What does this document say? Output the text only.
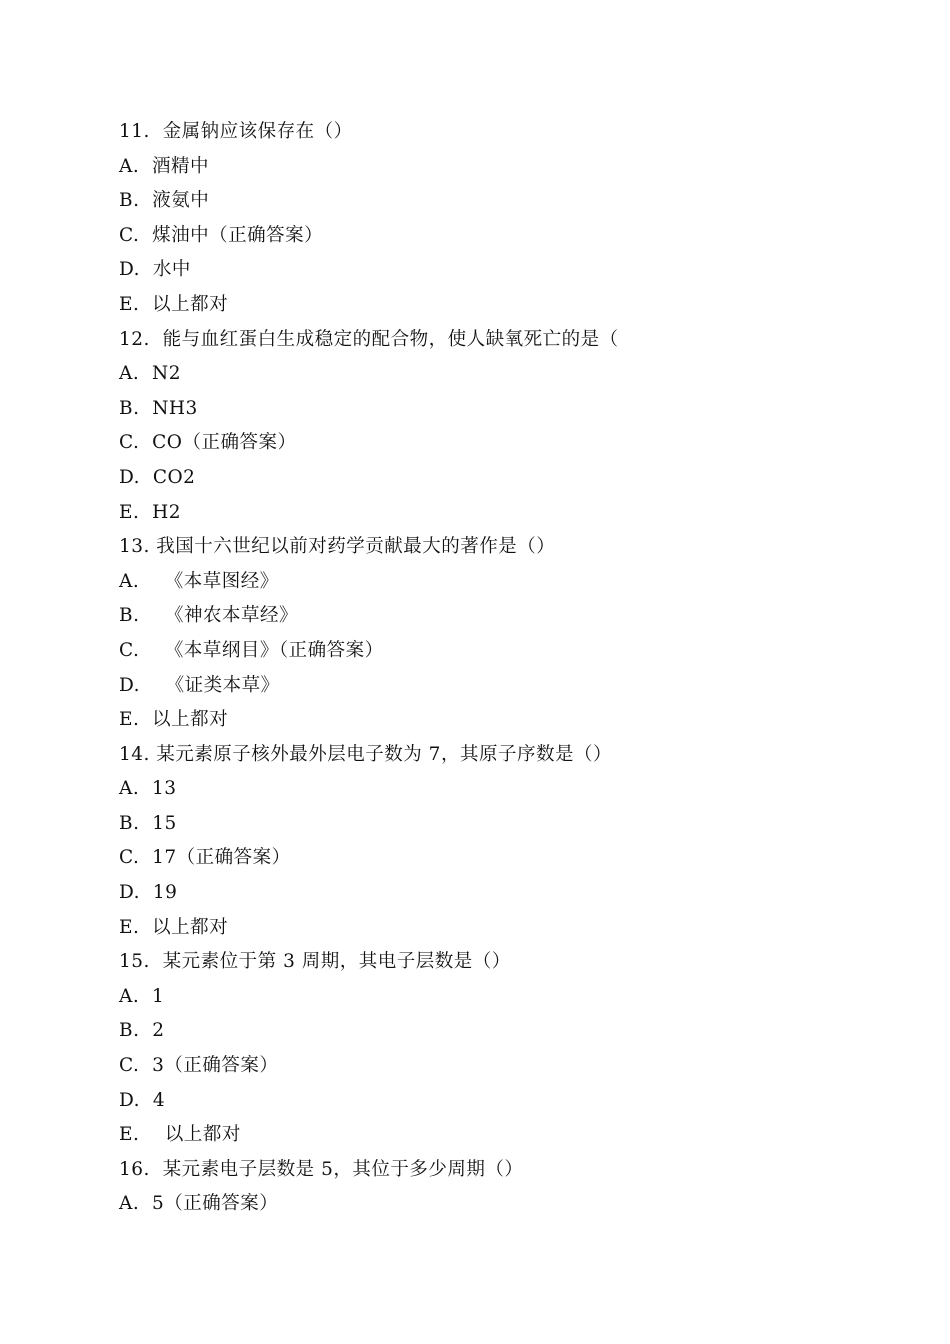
11.  金属钠应该保存在（）
A.  酒精中
B.  液氨中
C.  煤油中（正确答案）
D.  水中
E.  以上都对
12.  能与血红蛋白生成稳定的配合物，使人缺氧死亡的是（
A.  N2
B.  NH3
C.  CO（正确答案）
D.  CO2
E.  H2
13. 我国十六世纪以前对药学贡献最大的著作是（）
A.    《本草图经》
B.    《神农本草经》
C.    《本草纲目》（正确答案）
D.    《证类本草》
E.  以上都对
14. 某元素原子核外最外层电子数为 7，其原子序数是（）
A.  13
B.  15
C.  17（正确答案）
D.  19
E.  以上都对
15.  某元素位于第 3 周期，其电子层数是（）
A.  1
B.  2
C.  3（正确答案）
D.  4
E.    以上都对
16.  某元素电子层数是 5，其位于多少周期（）
A.  5（正确答案）
